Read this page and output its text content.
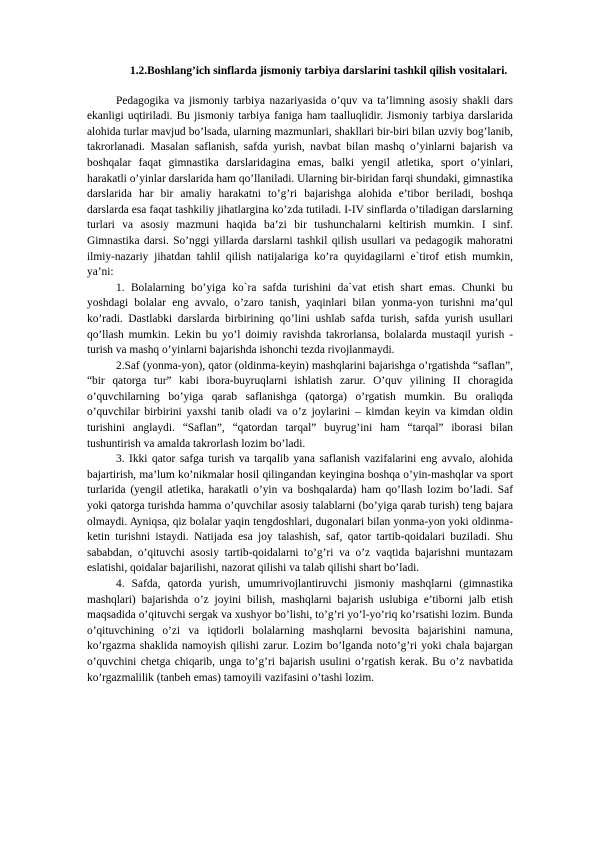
1.2.Boshlang’ich sinflarda jismoniy tarbiya darslarini tashkil qilish vositalari.

Pedagogika va jismoniy tarbiya nazariyasida o’quv va ta’limning asosiy shakli dars ekanligi uqtiriladi. Bu jismoniy tarbiya faniga ham taalluqlidir. Jismoniy tarbiya darslarida alohida turlar mavjud bo’lsada, ularning mazmunlari, shakllari bir-biri bilan uzviy bog’lanib, takrorlanadi. Masalan saflanish, safda yurish, navbat bilan mashq o’yinlarni bajarish va boshqalar faqat gimnastika darslaridagina emas, balki yengil atletika, sport o’yinlari, harakatli o’yinlar darslarida ham qo’llaniladi. Ularning bir-biridan farqi shundaki, gimnastika darslarida har bir amaliy harakatni to’g’ri bajarishga alohida e’tibor beriladi, boshqa darslarda esa faqat tashkiliy jihatlargina ko’zda tutiladi. I-IV sinflarda o’tiladigan darslarning turlari va asosiy mazmuni haqida ba’zi bir tushunchalarni keltirish mumkin. I sinf. Gimnastika darsi. So’nggi yillarda darslarni tashkil qilish usullari va pedagogik mahoratni ilmiy-nazariy jihatdan tahlil qilish natijalariga ko’ra quyidagilarni e`tirof etish mumkin, ya’ni:

1. Bolalarning bo’yiga ko`ra safda turishini da`vat etish shart emas. Chunki bu yoshdagi bolalar eng avvalo, o’zaro tanish, yaqinlari bilan yonma-yon turishni ma’qul ko’radi. Dastlabki darslarda birbirining qo’lini ushlab safda turish, safda yurish usullari qo’llash mumkin. Lekin bu yo’l doimiy ravishda takrorlansa, bolalarda mustaqil yurish - turish va mashq o’yinlarni bajarishda ishonchi tezda rivojlanmaydi.

2.Saf (yonma-yon), qator (oldinma-keyin) mashqlarini bajarishga o’rgatishda “saflan”, “bir qatorga tur” kabi ibora-buyruqlarni ishlatish zarur. O’quv yilining II choragida o’quvchilarning bo’yiga qarab saflanishga (qatorga) o’rgatish mumkin. Bu oraliqda o’quvchilar birbirini yaxshi tanib oladi va o’z joylarini – kimdan keyin va kimdan oldin turishini anglaydi. “Saflan”, “qatordan tarqal” buyrug’ini ham “tarqal” iborasi bilan tushuntirish va amalda takrorlash lozim bo’ladi.

3. Ikki qator safga turish va tarqalib yana saflanish vazifalarini eng avvalo, alohida bajartirish, ma’lum ko’nikmalar hosil qilingandan keyingina boshqa o’yin-mashqlar va sport turlarida (yengil atletika, harakatli o’yin va boshqalarda) ham qo’llash lozim bo’ladi. Saf yoki qatorga turishda hamma o’quvchilar asosiy talablarni (bo’yiga qarab turish) teng bajara olmaydi. Ayniqsa, qiz bolalar yaqin tengdoshlari, dugonalari bilan yonma-yon yoki oldinma-ketin turishni istaydi. Natijada esa joy talashish, saf, qator tartib-qoidalari buziladi. Shu sababdan, o’qituvchi asosiy tartib-qoidalarni to’g’ri va o’z vaqtida bajarishni muntazam eslatishi, qoidalar bajarilishi, nazorat qilishi va talab qilishi shart bo’ladi.

4. Safda, qatorda yurish, umumrivojlantiruvchi jismoniy mashqlarni (gimnastika mashqlari) bajarishda o’z joyini bilish, mashqlarni bajarish uslubiga e’tiborni jalb etish maqsadida o’qituvchi sergak va xushyor bo’lishi, to’g’ri yo’l-yo’riq ko’rsatishi lozim. Bunda o’qituvchining o’zi va iqtidorli bolalarning mashqlarni bevosita bajarishini namuna, ko’rgazma shaklida namoyish qilishi zarur. Lozim bo’lganda noto’g’ri yoki chala bajargan o’quvchini chetga chiqarib, unga to’g’ri bajarish usulini o’rgatish kerak. Bu o’z navbatida ko’rgazmalilik (tanbeh emas) tamoyili vazifasini o’tashi lozim.
